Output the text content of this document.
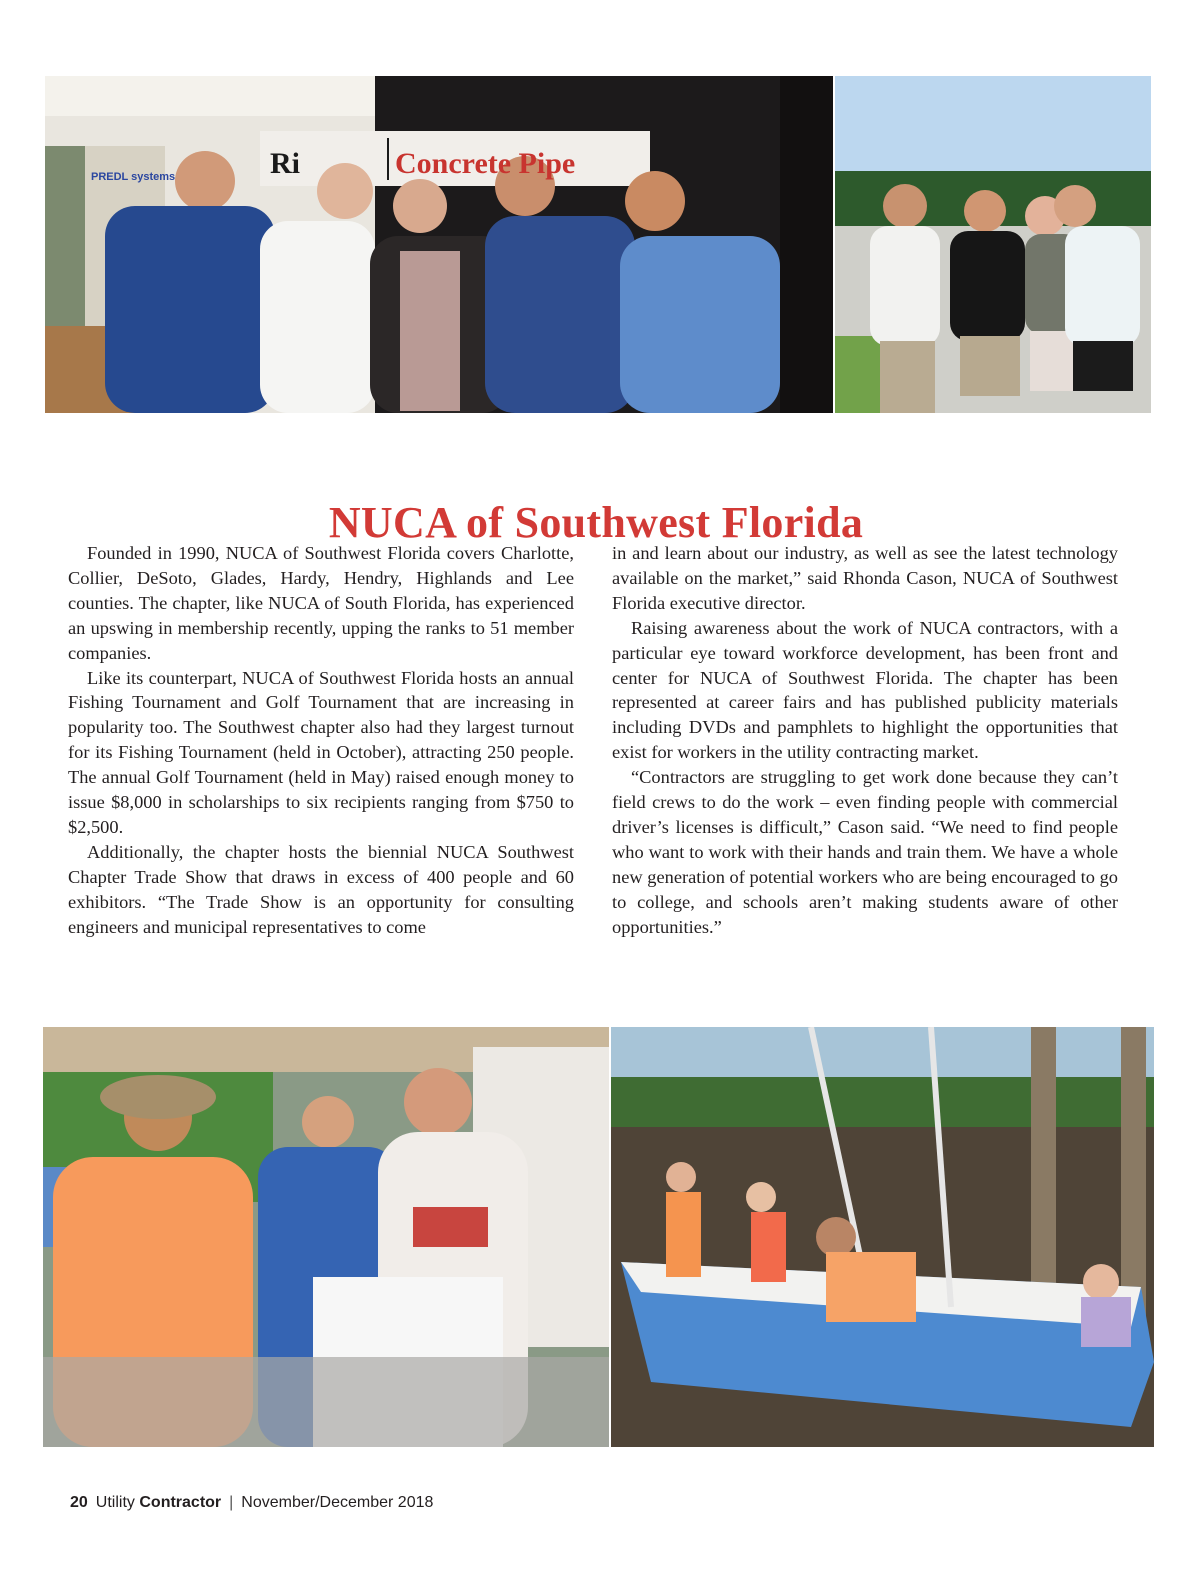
Ri	Concrete Pipe
PREDL systems
NUCA of Southwest Florida

Founded in 1990, NUCA of Southwest Florida covers Charlotte, Collier, DeSoto, Glades, Hardy, Hendry, Highlands and Lee counties. The chapter, like NUCA of South Florida, has experienced an upswing in membership recently, upping the ranks to 51 member companies.

Like its counterpart, NUCA of Southwest Florida hosts an annual Fishing Tournament and Golf Tournament that are increasing in popularity too. The Southwest chapter also had they largest turnout for its Fishing Tournament (held in October), attracting 250 people. The annual Golf Tournament (held in May) raised enough money to issue $8,000 in scholarships to six recipients ranging from $750 to $2,500.

Additionally, the chapter hosts the biennial NUCA Southwest Chapter Trade Show that draws in excess of 400 people and 60 exhibitors. “The Trade Show is an opportunity for consulting engineers and municipal representatives to come

in and learn about our industry, as well as see the latest technology available on the market,” said Rhonda Cason, NUCA of Southwest Florida executive director.

Raising awareness about the work of NUCA contractors, with a particular eye toward workforce development, has been front and center for NUCA of Southwest Florida. The chapter has been represented at career fairs and has published publicity materials including DVDs and pamphlets to highlight the opportunities that exist for workers in the utility contracting market.

“Contractors are struggling to get work done because they can’t field crews to do the work – even finding people with commercial driver’s licenses is difficult,” Cason said. “We need to find people who want to work with their hands and train them. We have a whole new generation of potential workers who are being encouraged to go to college, and schools aren’t making students aware of other opportunities.”

20 Utility Contractor | November/December 2018
